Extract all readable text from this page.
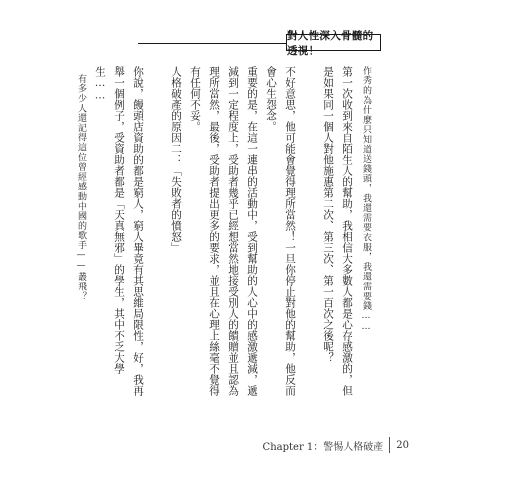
對人性深入骨髓的透視！

作秀的為什麼只知道送錢頭，我還需要衣服，我還需要錢……

第一次收到來自陌生人的幫助，我相信大多數人都是心存感激的，但是如果同一個人對他施惠第二次、第三次、第一百次之後呢？

不好意思，他可能會覺得理所當然！一旦你停止對他的幫助，他反而會心生怨念。

重要的是，在這一連串的活動中，受到幫助的人心中的感激遞減，遞減到一定程度上，受助者幾乎已經想當然地接受別人的饋贈並且認為理所當然，最後，受助者提出更多的要求，並且在心理上絲毫不覺得有任何不妥。

人格破產的原因二：「失敗者的憤怒」

你說，饅頭店資助的都是窮人，窮人畢竟有其思維局限性，好，我再舉一個例子，受資助者都是「天真無邪」的學生，其中不乏大學生……

有多少人還記得這位曾經感動中國的歌手——叢飛？

Chapter 1：警惕人格破產	20
